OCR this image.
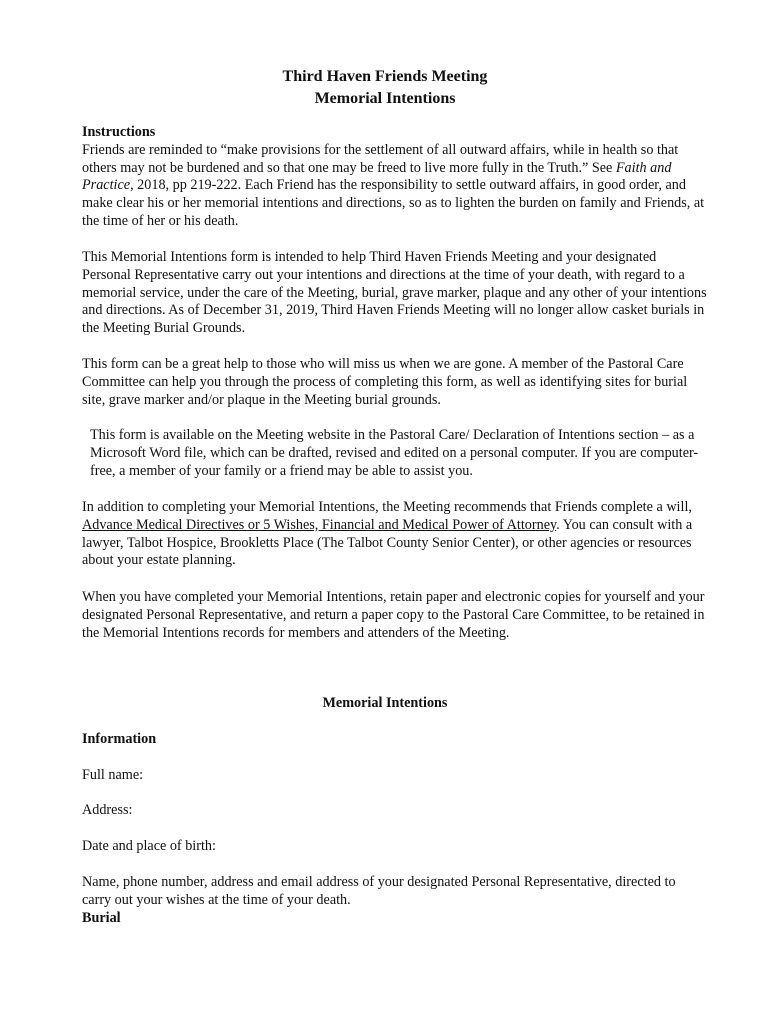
Third Haven Friends Meeting
Memorial Intentions
Instructions

Friends are reminded to “make provisions for the settlement of all outward affairs, while in health so that others may not be burdened and so that one may be freed to live more fully in the Truth.” See Faith and Practice, 2018, pp 219-222. Each Friend has the responsibility to settle outward affairs, in good order, and make clear his or her memorial intentions and directions, so as to lighten the burden on family and Friends, at the time of her or his death.

This Memorial Intentions form is intended to help Third Haven Friends Meeting and your designated Personal Representative carry out your intentions and directions at the time of your death, with regard to a memorial service, under the care of the Meeting, burial, grave marker, plaque and any other of your intentions and directions. As of December 31, 2019, Third Haven Friends Meeting will no longer allow casket burials in the Meeting Burial Grounds.

This form can be a great help to those who will miss us when we are gone. A member of the Pastoral Care Committee can help you through the process of completing this form, as well as identifying sites for burial site, grave marker and/or plaque in the Meeting burial grounds.

This form is available on the Meeting website in the Pastoral Care/ Declaration of Intentions section – as a Microsoft Word file, which can be drafted, revised and edited on a personal computer. If you are computer-free, a member of your family or a friend may be able to assist you.

In addition to completing your Memorial Intentions, the Meeting recommends that Friends complete a will, Advance Medical Directives or 5 Wishes, Financial and Medical Power of Attorney. You can consult with a lawyer, Talbot Hospice, Brookletts Place (The Talbot County Senior Center), or other agencies or resources about your estate planning.

When you have completed your Memorial Intentions, retain paper and electronic copies for yourself and your designated Personal Representative, and return a paper copy to the Pastoral Care Committee, to be retained in the Memorial Intentions records for members and attenders of the Meeting.

Memorial Intentions
Information
Full name:
Address:
Date and place of birth:
Name, phone number, address and email address of your designated Personal Representative, directed to carry out your wishes at the time of your death.
Burial
